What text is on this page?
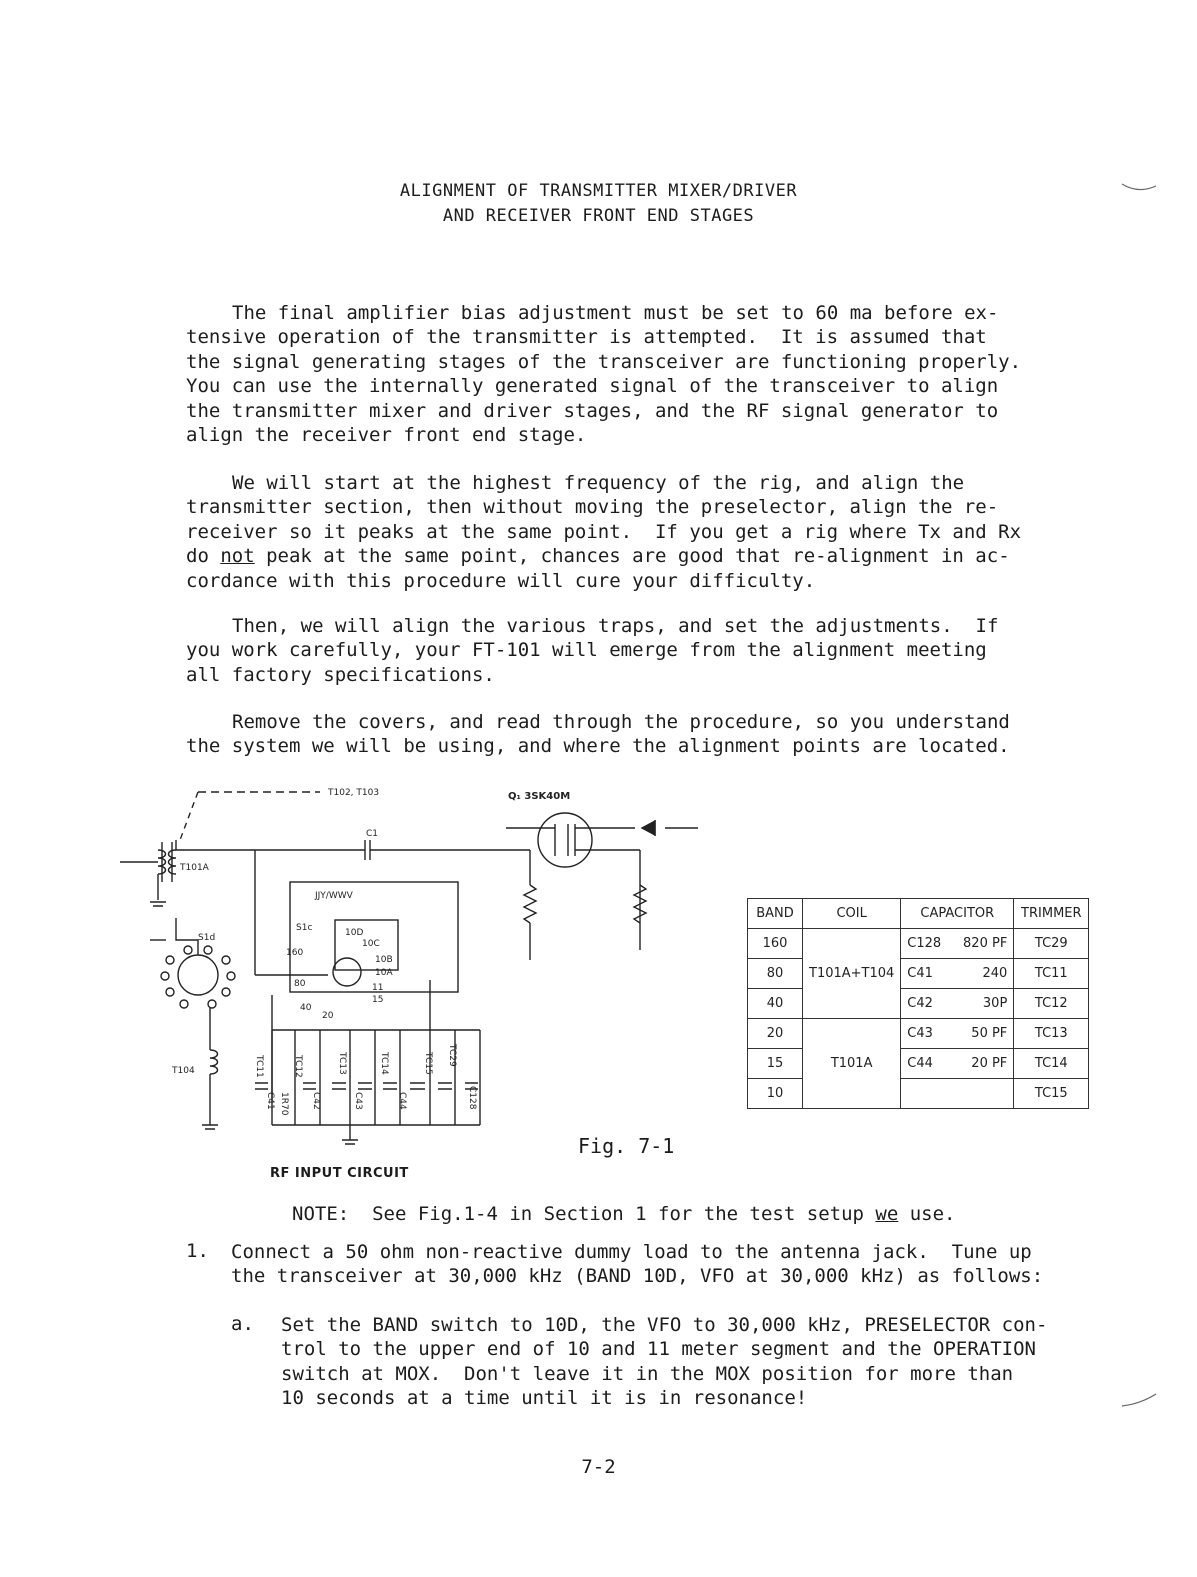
ALIGNMENT OF TRANSMITTER MIXER/DRIVER
AND RECEIVER FRONT END STAGES
The final amplifier bias adjustment must be set to 60 ma before ex-
tensive operation of the transmitter is attempted.  It is assumed that
the signal generating stages of the transceiver are functioning properly.
You can use the internally generated signal of the transceiver to align
the transmitter mixer and driver stages, and the RF signal generator to
align the receiver front end stage.
We will start at the highest frequency of the rig, and align the
transmitter section, then without moving the preselector, align the re-
receiver so it peaks at the same point.  If you get a rig where Tx and Rx
do not peak at the same point, chances are good that re-alignment in ac-
cordance with this procedure will cure your difficulty.
Then, we will align the various traps, and set the adjustments.  If
you work carefully, your FT-101 will emerge from the alignment meeting
all factory specifications.
Remove the covers, and read through the procedure, so you understand
the system we will be using, and where the alignment points are located.
T102, T103	Q₁ 3SK40M
C1
T101A
S1d
S1c
JJY/WWV
T104
160
80
40
20
15
11
10A
10B
10C
10D
TC11	TC12	TC13	TC14	TC15 TC29
C41	C42	C43	C44	C128
1R70
BAND	COIL	CAPACITOR	TRIMMER
160	T101A+T104	C128 820 PF	TC29
80		C41 240	TC11
40		C42 30P	TC12
20	T101A	C43 50 PF	TC13
15		C44 20 PF	TC14
10			TC15
Fig. 7-1
RF INPUT CIRCUIT
NOTE:  See Fig.1-4 in Section 1 for the test setup we use.
1. Connect a 50 ohm non-reactive dummy load to the antenna jack.  Tune up
the transceiver at 30,000 kHz (BAND 10D, VFO at 30,000 kHz) as follows:
a. Set the BAND switch to 10D, the VFO to 30,000 kHz, PRESELECTOR con-
trol to the upper end of 10 and 11 meter segment and the OPERATION
switch at MOX.  Don't leave it in the MOX position for more than
10 seconds at a time until it is in resonance!
7-2
